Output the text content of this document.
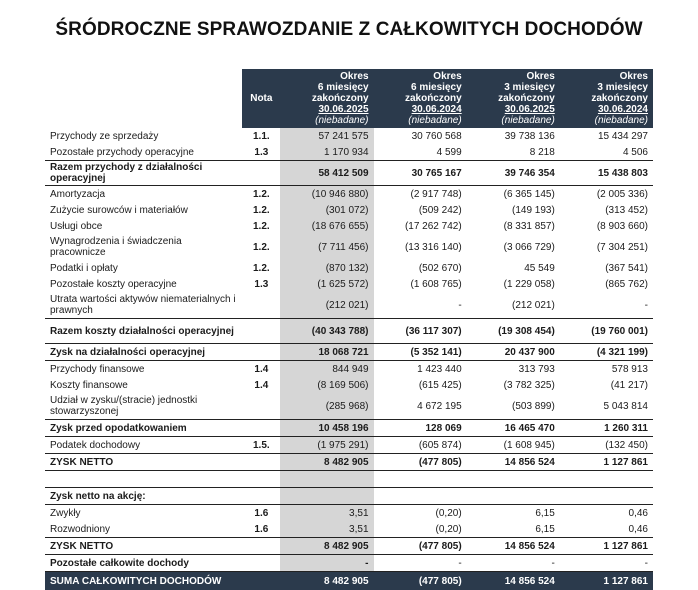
ŚRÓDROCZNE SPRAWOZDANIE Z CAŁKOWITYCH DOCHODÓW
	Nota	Okres
6 miesięcy
zakończony
30.06.2025
(niebadane)	Okres
6 miesięcy
zakończony
30.06.2024
(niebadane)	Okres
3 miesięcy
zakończony
30.06.2025
(niebadane)	Okres
3 miesięcy
zakończony
30.06.2024
(niebadane)

Przychody ze sprzedaży	1.1.	57 241 575	30 760 568	39 738 136	15 434 297
Pozostałe przychody operacyjne	1.3	1 170 934	4 599	8 218	4 506
Razem przychody z działalności operacyjnej		58 412 509	30 765 167	39 746 354	15 438 803
Amortyzacja	1.2.	(10 946 880)	(2 917 748)	(6 365 145)	(2 005 336)
Zużycie surowców i materiałów	1.2.	(301 072)	(509 242)	(149 193)	(313 452)
Usługi obce	1.2.	(18 676 655)	(17 262 742)	(8 331 857)	(8 903 660)
Wynagrodzenia i świadczenia pracownicze	1.2.	(7 711 456)	(13 316 140)	(3 066 729)	(7 304 251)
Podatki i opłaty	1.2.	(870 132)	(502 670)	45 549	(367 541)
Pozostałe koszty operacyjne	1.3	(1 625 572)	(1 608 765)	(1 229 058)	(865 762)
Utrata wartości aktywów niematerialnych i prawnych		(212 021)	-	(212 021)	-
Razem koszty działalności operacyjnej		(40 343 788)	(36 117 307)	(19 308 454)	(19 760 001)
Zysk na działalności operacyjnej		18 068 721	(5 352 141)	20 437 900	(4 321 199)
Przychody finansowe	1.4	844 949	1 423 440	313 793	578 913
Koszty finansowe	1.4	(8 169 506)	(615 425)	(3 782 325)	(41 217)
Udział w zysku/(stracie) jednostki stowarzyszonej		(285 968)	4 672 195	(503 899)	5 043 814
Zysk przed opodatkowaniem		10 458 196	128 069	16 465 470	1 260 311
Podatek dochodowy	1.5.	(1 975 291)	(605 874)	(1 608 945)	(132 450)
ZYSK NETTO		8 482 905	(477 805)	14 856 524	1 127 861

Zysk netto na akcję:					
Zwykły	1.6	3,51	(0,20)	6,15	0,46
Rozwodniony	1.6	3,51	(0,20)	6,15	0,46
ZYSK NETTO		8 482 905	(477 805)	14 856 524	1 127 861
Pozostałe całkowite dochody		-	-	-	-
SUMA CAŁKOWITYCH DOCHODÓW		8 482 905	(477 805)	14 856 524	1 127 861
